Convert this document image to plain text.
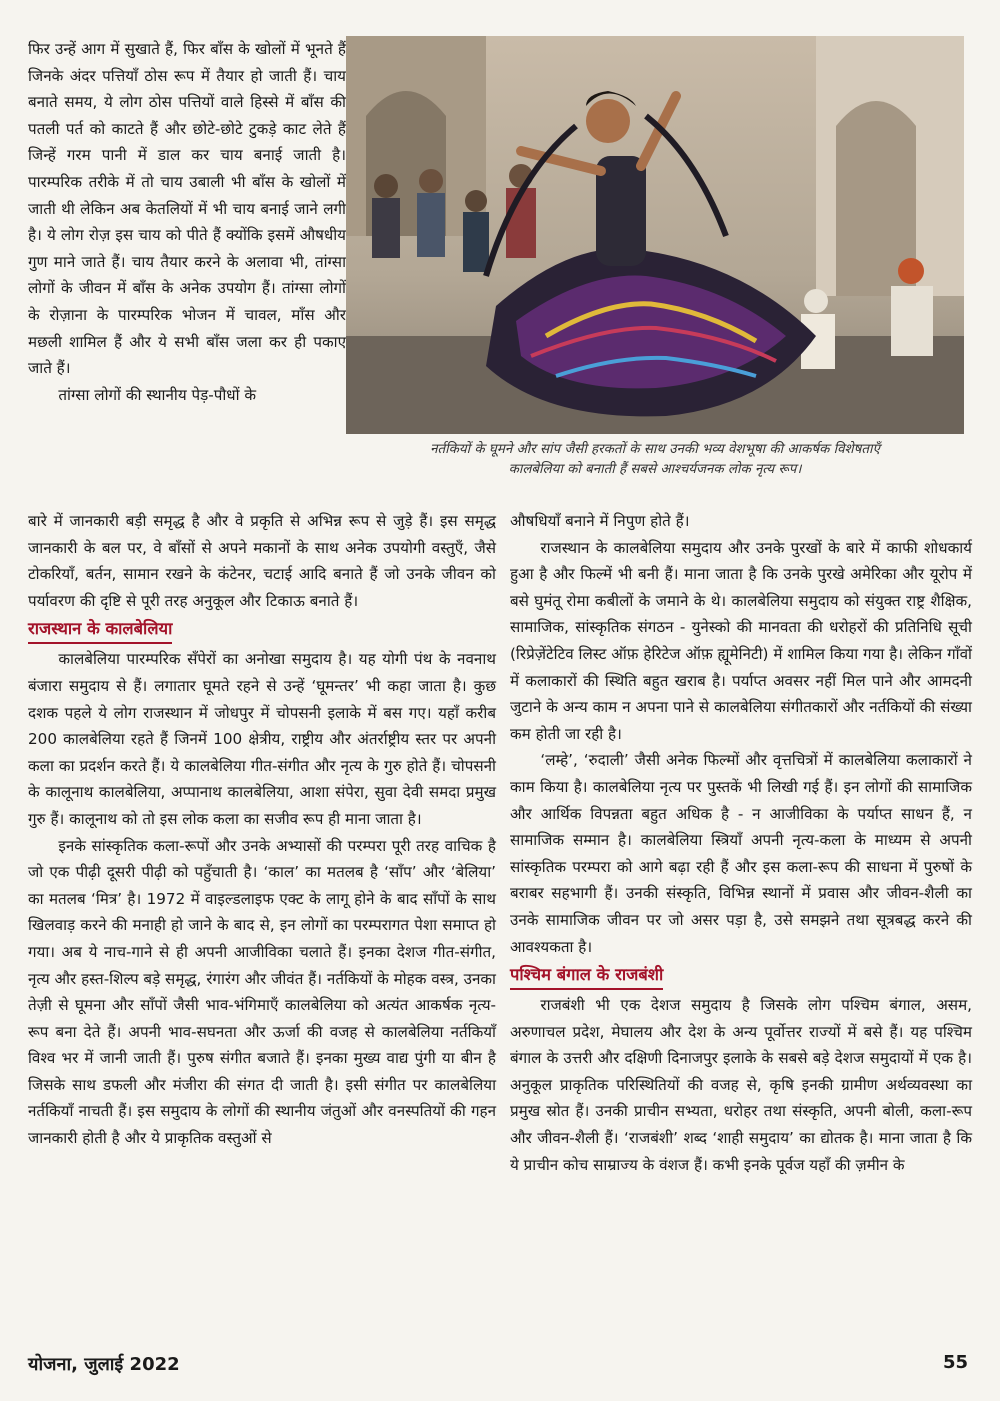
फिर उन्हें आग में सुखाते हैं, फिर बाँस के खोलों में भूनते हैं जिनके अंदर पत्तियाँ ठोस रूप में तैयार हो जाती हैं। चाय बनाते समय, ये लोग ठोस पत्तियों वाले हिस्से में बाँस की पतली पर्त को काटते हैं और छोटे-छोटे टुकड़े काट लेते हैं जिन्हें गरम पानी में डाल कर चाय बनाई जाती है। पारम्परिक तरीके में तो चाय उबाली भी बाँस के खोलों में जाती थी लेकिन अब केतलियों में भी चाय बनाई जाने लगी है। ये लोग रोज़ इस चाय को पीते हैं क्योंकि इसमें औषधीय गुण माने जाते हैं। चाय तैयार करने के अलावा भी, तांग्सा लोगों के जीवन में बाँस के अनेक उपयोग हैं। तांग्सा लोगों के रोज़ाना के पारम्परिक भोजन में चावल, माँस और मछली शामिल हैं और ये सभी बाँस जला कर ही पकाए जाते हैं।

तांग्सा लोगों की स्थानीय पेड़-पौधों के

नर्तकियों के घूमने और सांप जैसी हरकतों के साथ उनकी भव्य वेशभूषा की आकर्षक विशेषताएँ
कालबेलिया को बनाती हैं सबसे आश्चर्यजनक लोक नृत्य रूप।

बारे में जानकारी बड़ी समृद्ध है और वे प्रकृति से अभिन्न रूप से जुड़े हैं। इस समृद्ध जानकारी के बल पर, वे बाँसों से अपने मकानों के साथ अनेक उपयोगी वस्तुएँ, जैसे टोकरियाँ, बर्तन, सामान रखने के कंटेनर, चटाई आदि बनाते हैं जो उनके जीवन को पर्यावरण की दृष्टि से पूरी तरह अनुकूल और टिकाऊ बनाते हैं।

राजस्थान के कालबेलिया

कालबेलिया पारम्परिक सँपेरों का अनोखा समुदाय है। यह योगी पंथ के नवनाथ बंजारा समुदाय से हैं। लगातार घूमते रहने से उन्हें ‘घूमन्तर’ भी कहा जाता है। कुछ दशक पहले ये लोग राजस्थान में जोधपुर में चोपसनी इलाके में बस गए। यहाँ करीब 200 कालबेलिया रहते हैं जिनमें 100 क्षेत्रीय, राष्ट्रीय और अंतर्राष्ट्रीय स्तर पर अपनी कला का प्रदर्शन करते हैं। ये कालबेलिया गीत-संगीत और नृत्य के गुरु होते हैं। चोपसनी के कालूनाथ कालबेलिया, अप्पानाथ कालबेलिया, आशा संपेरा, सुवा देवी समदा प्रमुख गुरु हैं। कालूनाथ को तो इस लोक कला का सजीव रूप ही माना जाता है।

इनके सांस्कृतिक कला-रूपों और उनके अभ्यासों की परम्परा पूरी तरह वाचिक है जो एक पीढ़ी दूसरी पीढ़ी को पहुँचाती है। ‘काल’ का मतलब है ‘साँप’ और ‘बेलिया’ का मतलब ‘मित्र’ है। 1972 में वाइल्डलाइफ एक्ट के लागू होने के बाद साँपों के साथ खिलवाड़ करने की मनाही हो जाने के बाद से, इन लोगों का परम्परागत पेशा समाप्त हो गया। अब ये नाच-गाने से ही अपनी आजीविका चलाते हैं। इनका देशज गीत-संगीत, नृत्य और हस्त-शिल्प बड़े समृद्ध, रंगारंग और जीवंत हैं। नर्तकियों के मोहक वस्त्र, उनका तेज़ी से घूमना और साँपों जैसी भाव-भंगिमाएँ कालबेलिया को अत्यंत आकर्षक नृत्य-रूप बना देते हैं। अपनी भाव-सघनता और ऊर्जा की वजह से कालबेलिया नर्तकियाँ विश्व भर में जानी जाती हैं। पुरुष संगीत बजाते हैं। इनका मुख्य वाद्य पुंगी या बीन है जिसके साथ डफली और मंजीरा की संगत दी जाती है। इसी संगीत पर कालबेलिया नर्तकियाँ नाचती हैं। इस समुदाय के लोगों की स्थानीय जंतुओं और वनस्पतियों की गहन जानकारी होती है और ये प्राकृतिक वस्तुओं से

औषधियाँ बनाने में निपुण होते हैं।

राजस्थान के कालबेलिया समुदाय और उनके पुरखों के बारे में काफी शोधकार्य हुआ है और फिल्में भी बनी हैं। माना जाता है कि उनके पुरखे अमेरिका और यूरोप में बसे घुमंतू रोमा कबीलों के जमाने के थे। कालबेलिया समुदाय को संयुक्त राष्ट्र शैक्षिक, सामाजिक, सांस्कृतिक संगठन - युनेस्को की मानवता की धरोहरों की प्रतिनिधि सूची (रिप्रेज़ेंटेटिव लिस्ट ऑफ़ हेरिटेज ऑफ़ ह्यूमेनिटी) में शामिल किया गया है। लेकिन गाँवों में कलाकारों की स्थिति बहुत खराब है। पर्याप्त अवसर नहीं मिल पाने और आमदनी जुटाने के अन्य काम न अपना पाने से कालबेलिया संगीतकारों और नर्तकियों की संख्या कम होती जा रही है।

‘लम्हे’, ‘रुदाली’ जैसी अनेक फिल्मों और वृत्तचित्रों में कालबेलिया कलाकारों ने काम किया है। कालबेलिया नृत्य पर पुस्तकें भी लिखी गई हैं। इन लोगों की सामाजिक और आर्थिक विपन्नता बहुत अधिक है - न आजीविका के पर्याप्त साधन हैं, न सामाजिक सम्मान है। कालबेलिया स्त्रियाँ अपनी नृत्य-कला के माध्यम से अपनी सांस्कृतिक परम्परा को आगे बढ़ा रही हैं और इस कला-रूप की साधना में पुरुषों के बराबर सहभागी हैं। उनकी संस्कृति, विभिन्न स्थानों में प्रवास और जीवन-शैली का उनके सामाजिक जीवन पर जो असर पड़ा है, उसे समझने तथा सूत्रबद्ध करने की आवश्यकता है।

पश्चिम बंगाल के राजबंशी

राजबंशी भी एक देशज समुदाय है जिसके लोग पश्चिम बंगाल, असम, अरुणाचल प्रदेश, मेघालय और देश के अन्य पूर्वोत्तर राज्यों में बसे हैं। यह पश्चिम बंगाल के उत्तरी और दक्षिणी दिनाजपुर इलाके के सबसे बड़े देशज समुदायों में एक है। अनुकूल प्राकृतिक परिस्थितियों की वजह से, कृषि इनकी ग्रामीण अर्थव्यवस्था का प्रमुख स्रोत हैं। उनकी प्राचीन सभ्यता, धरोहर तथा संस्कृति, अपनी बोली, कला-रूप और जीवन-शैली हैं। ‘राजबंशी’ शब्द ‘शाही समुदाय’ का द्योतक है। माना जाता है कि ये प्राचीन कोच साम्राज्य के वंशज हैं। कभी इनके पूर्वज यहाँ की ज़मीन के

योजना, जुलाई 2022	55
